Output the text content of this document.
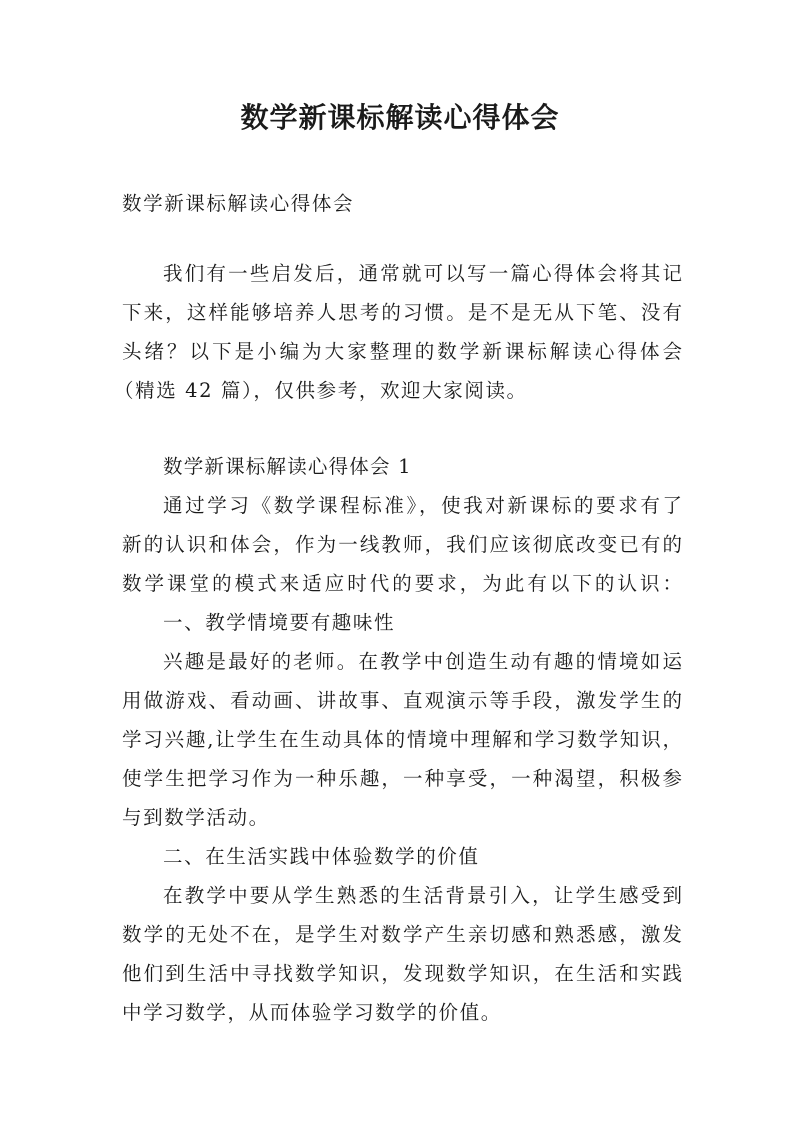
数学新课标解读心得体会
数学新课标解读心得体会
我们有一些启发后，通常就可以写一篇心得体会将其记
下来，这样能够培养人思考的习惯。是不是无从下笔、没有
头绪？以下是小编为大家整理的数学新课标解读心得体会
（精选 42 篇），仅供参考，欢迎大家阅读。
数学新课标解读心得体会 1
通过学习《数学课程标准》，使我对新课标的要求有了
新的认识和体会，作为一线教师，我们应该彻底改变已有的
数学课堂的模式来适应时代的要求，为此有以下的认识：
一、教学情境要有趣味性
兴趣是最好的老师。在教学中创造生动有趣的情境如运
用做游戏、看动画、讲故事、直观演示等手段，激发学生的
学习兴趣,让学生在生动具体的情境中理解和学习数学知识，
使学生把学习作为一种乐趣，一种享受，一种渴望，积极参
与到数学活动。
二、在生活实践中体验数学的价值
在教学中要从学生熟悉的生活背景引入，让学生感受到
数学的无处不在，是学生对数学产生亲切感和熟悉感，激发
他们到生活中寻找数学知识，发现数学知识，在生活和实践
中学习数学，从而体验学习数学的价值。
